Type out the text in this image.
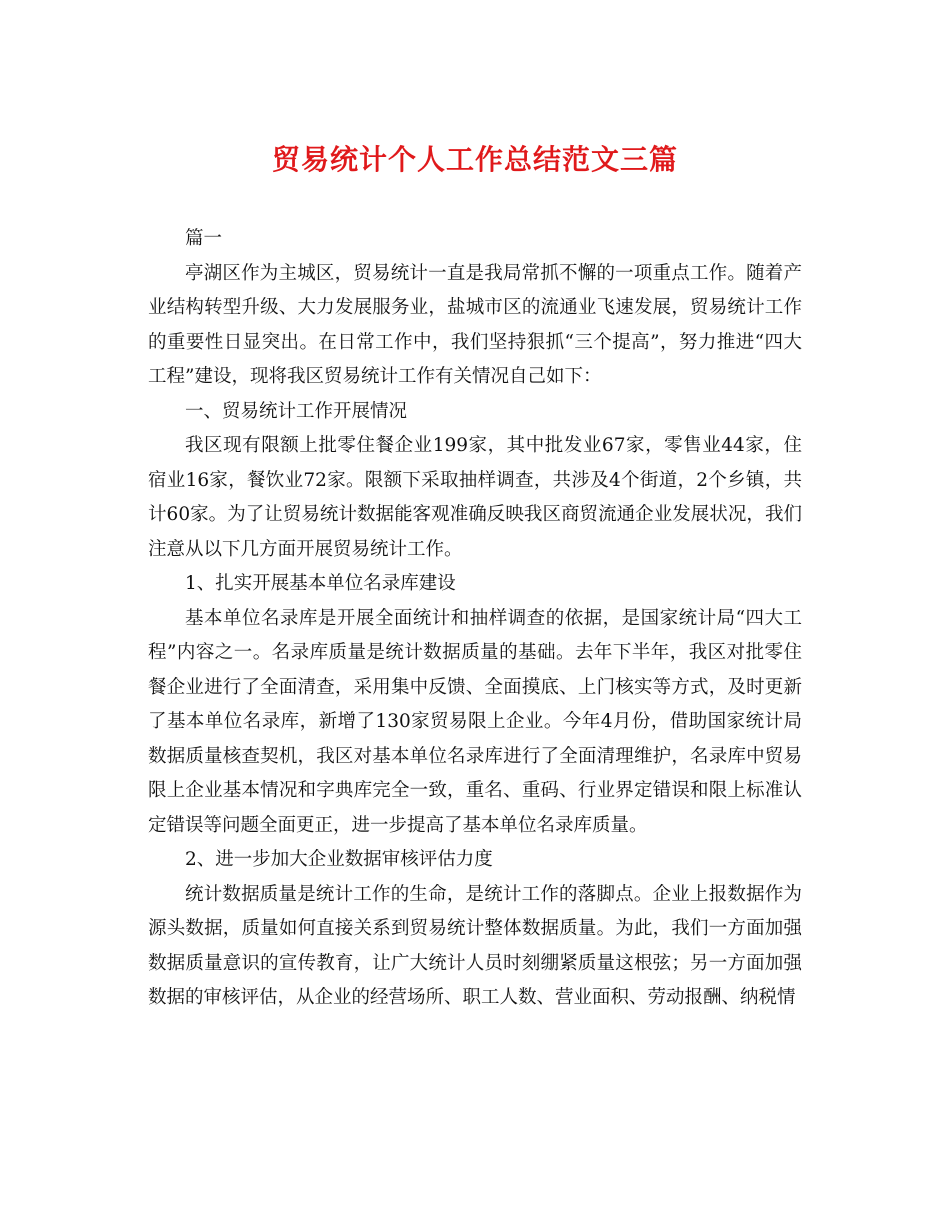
贸易统计个人工作总结范文三篇

篇一

亭湖区作为主城区，贸易统计一直是我局常抓不懈的一项重点工作。随着产业结构转型升级、大力发展服务业，盐城市区的流通业飞速发展，贸易统计工作的重要性日显突出。在日常工作中，我们坚持狠抓“三个提高”，努力推进“四大工程”建设，现将我区贸易统计工作有关情况自己如下：

一、贸易统计工作开展情况

我区现有限额上批零住餐企业199家，其中批发业67家，零售业44家，住宿业16家，餐饮业72家。限额下采取抽样调查，共涉及4个街道，2个乡镇，共计60家。为了让贸易统计数据能客观准确反映我区商贸流通企业发展状况，我们注意从以下几方面开展贸易统计工作。

1、扎实开展基本单位名录库建设

基本单位名录库是开展全面统计和抽样调查的依据，是国家统计局“四大工程”内容之一。名录库质量是统计数据质量的基础。去年下半年，我区对批零住餐企业进行了全面清查，采用集中反馈、全面摸底、上门核实等方式，及时更新了基本单位名录库，新增了130家贸易限上企业。今年4月份，借助国家统计局数据质量核查契机，我区对基本单位名录库进行了全面清理维护，名录库中贸易限上企业基本情况和字典库完全一致，重名、重码、行业界定错误和限上标准认定错误等问题全面更正，进一步提高了基本单位名录库质量。

2、进一步加大企业数据审核评估力度

统计数据质量是统计工作的生命，是统计工作的落脚点。企业上报数据作为源头数据，质量如何直接关系到贸易统计整体数据质量。为此，我们一方面加强数据质量意识的宣传教育，让广大统计人员时刻绷紧质量这根弦；另一方面加强数据的审核评估，从企业的经营场所、职工人数、营业面积、劳动报酬、纳税情
